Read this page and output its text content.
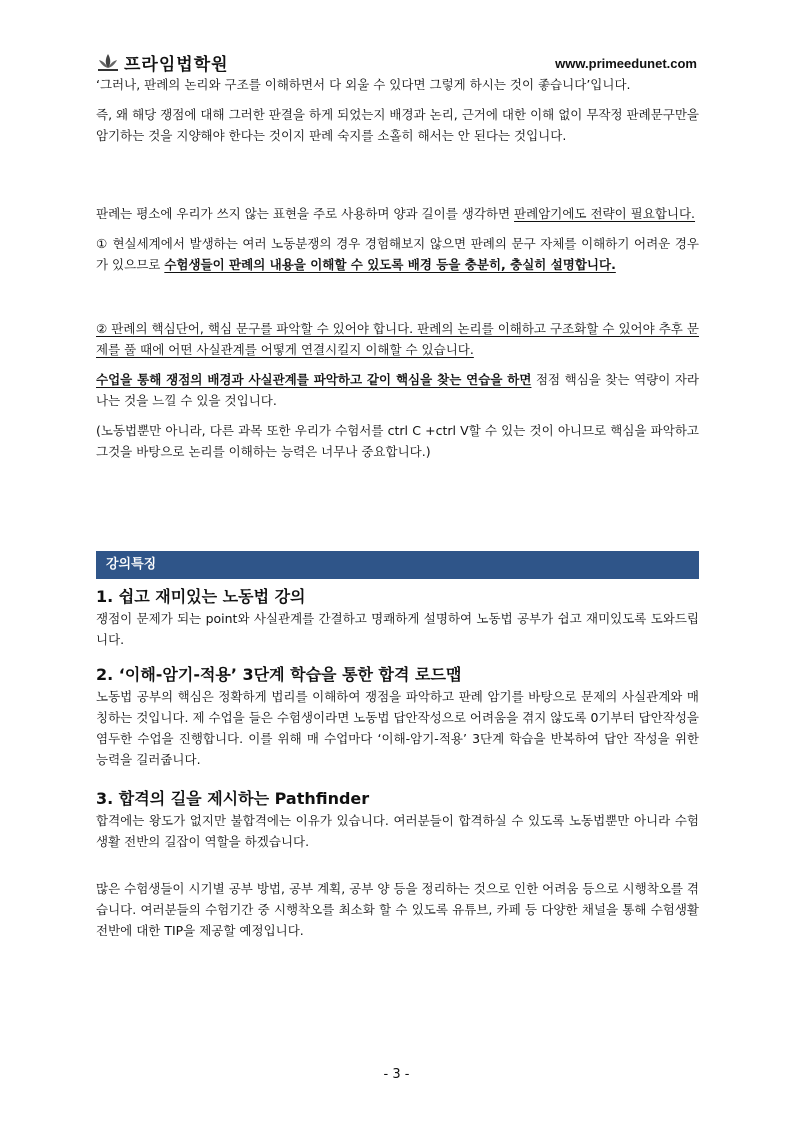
프라임법학원	www.primeedunet.com

‘그러나, 판례의 논리와 구조를 이해하면서 다 외울 수 있다면 그렇게 하시는 것이 좋습니다’입니다.

즉, 왜 해당 쟁점에 대해 그러한 판결을 하게 되었는지 배경과 논리, 근거에 대한 이해 없이 무작정 판례문구만을 암기하는 것을 지양해야 한다는 것이지 판례 숙지를 소홀히 해서는 안 된다는 것입니다.

판례는 평소에 우리가 쓰지 않는 표현을 주로 사용하며 양과 길이를 생각하면 판례암기에도 전략이 필요합니다.

① 현실세계에서 발생하는 여러 노동분쟁의 경우 경험해보지 않으면 판례의 문구 자체를 이해하기 어려운 경우가 있으므로 수험생들이 판례의 내용을 이해할 수 있도록 배경 등을 충분히, 충실히 설명합니다.

② 판례의 핵심단어, 핵심 문구를 파악할 수 있어야 합니다. 판례의 논리를 이해하고 구조화할 수 있어야 추후 문제를 풀 때에 어떤 사실관계를 어떻게 연결시킬지 이해할 수 있습니다.

수업을 통해 쟁점의 배경과 사실관계를 파악하고 같이 핵심을 찾는 연습을 하면 점점 핵심을 찾는 역량이 자라나는 것을 느낄 수 있을 것입니다.

(노동법뿐만 아니라, 다른 과목 또한 우리가 수험서를 ctrl C +ctrl V할 수 있는 것이 아니므로 핵심을 파악하고 그것을 바탕으로 논리를 이해하는 능력은 너무나 중요합니다.)

강의특징
1. 쉽고 재미있는 노동법 강의

쟁점이 문제가 되는 point와 사실관계를 간결하고 명쾌하게 설명하여 노동법 공부가 쉽고 재미있도록 도와드립니다.

2. ‘이해-암기-적용’ 3단계 학습을 통한 합격 로드맵

노동법 공부의 핵심은 정확하게 법리를 이해하여 쟁점을 파악하고 판례 암기를 바탕으로 문제의 사실관계와 매칭하는 것입니다. 제 수업을 들은 수험생이라면 노동법 답안작성으로 어려움을 겪지 않도록 0기부터 답안작성을 염두한 수업을 진행합니다. 이를 위해 매 수업마다 ‘이해-암기-적용’ 3단계 학습을 반복하여 답안 작성을 위한 능력을 길러줍니다.

3. 합격의 길을 제시하는 Pathfinder

합격에는 왕도가 없지만 불합격에는 이유가 있습니다. 여러분들이 합격하실 수 있도록 노동법뿐만 아니라 수험생활 전반의 길잡이 역할을 하겠습니다.

많은 수험생들이 시기별 공부 방법, 공부 계획, 공부 양 등을 정리하는 것으로 인한 어려움 등으로 시행착오를 겪습니다. 여러분들의 수험기간 중 시행착오를 최소화 할 수 있도록 유튜브, 카페 등 다양한 채널을 통해 수험생활 전반에 대한 TIP을 제공할 예정입니다.

- 3 -
